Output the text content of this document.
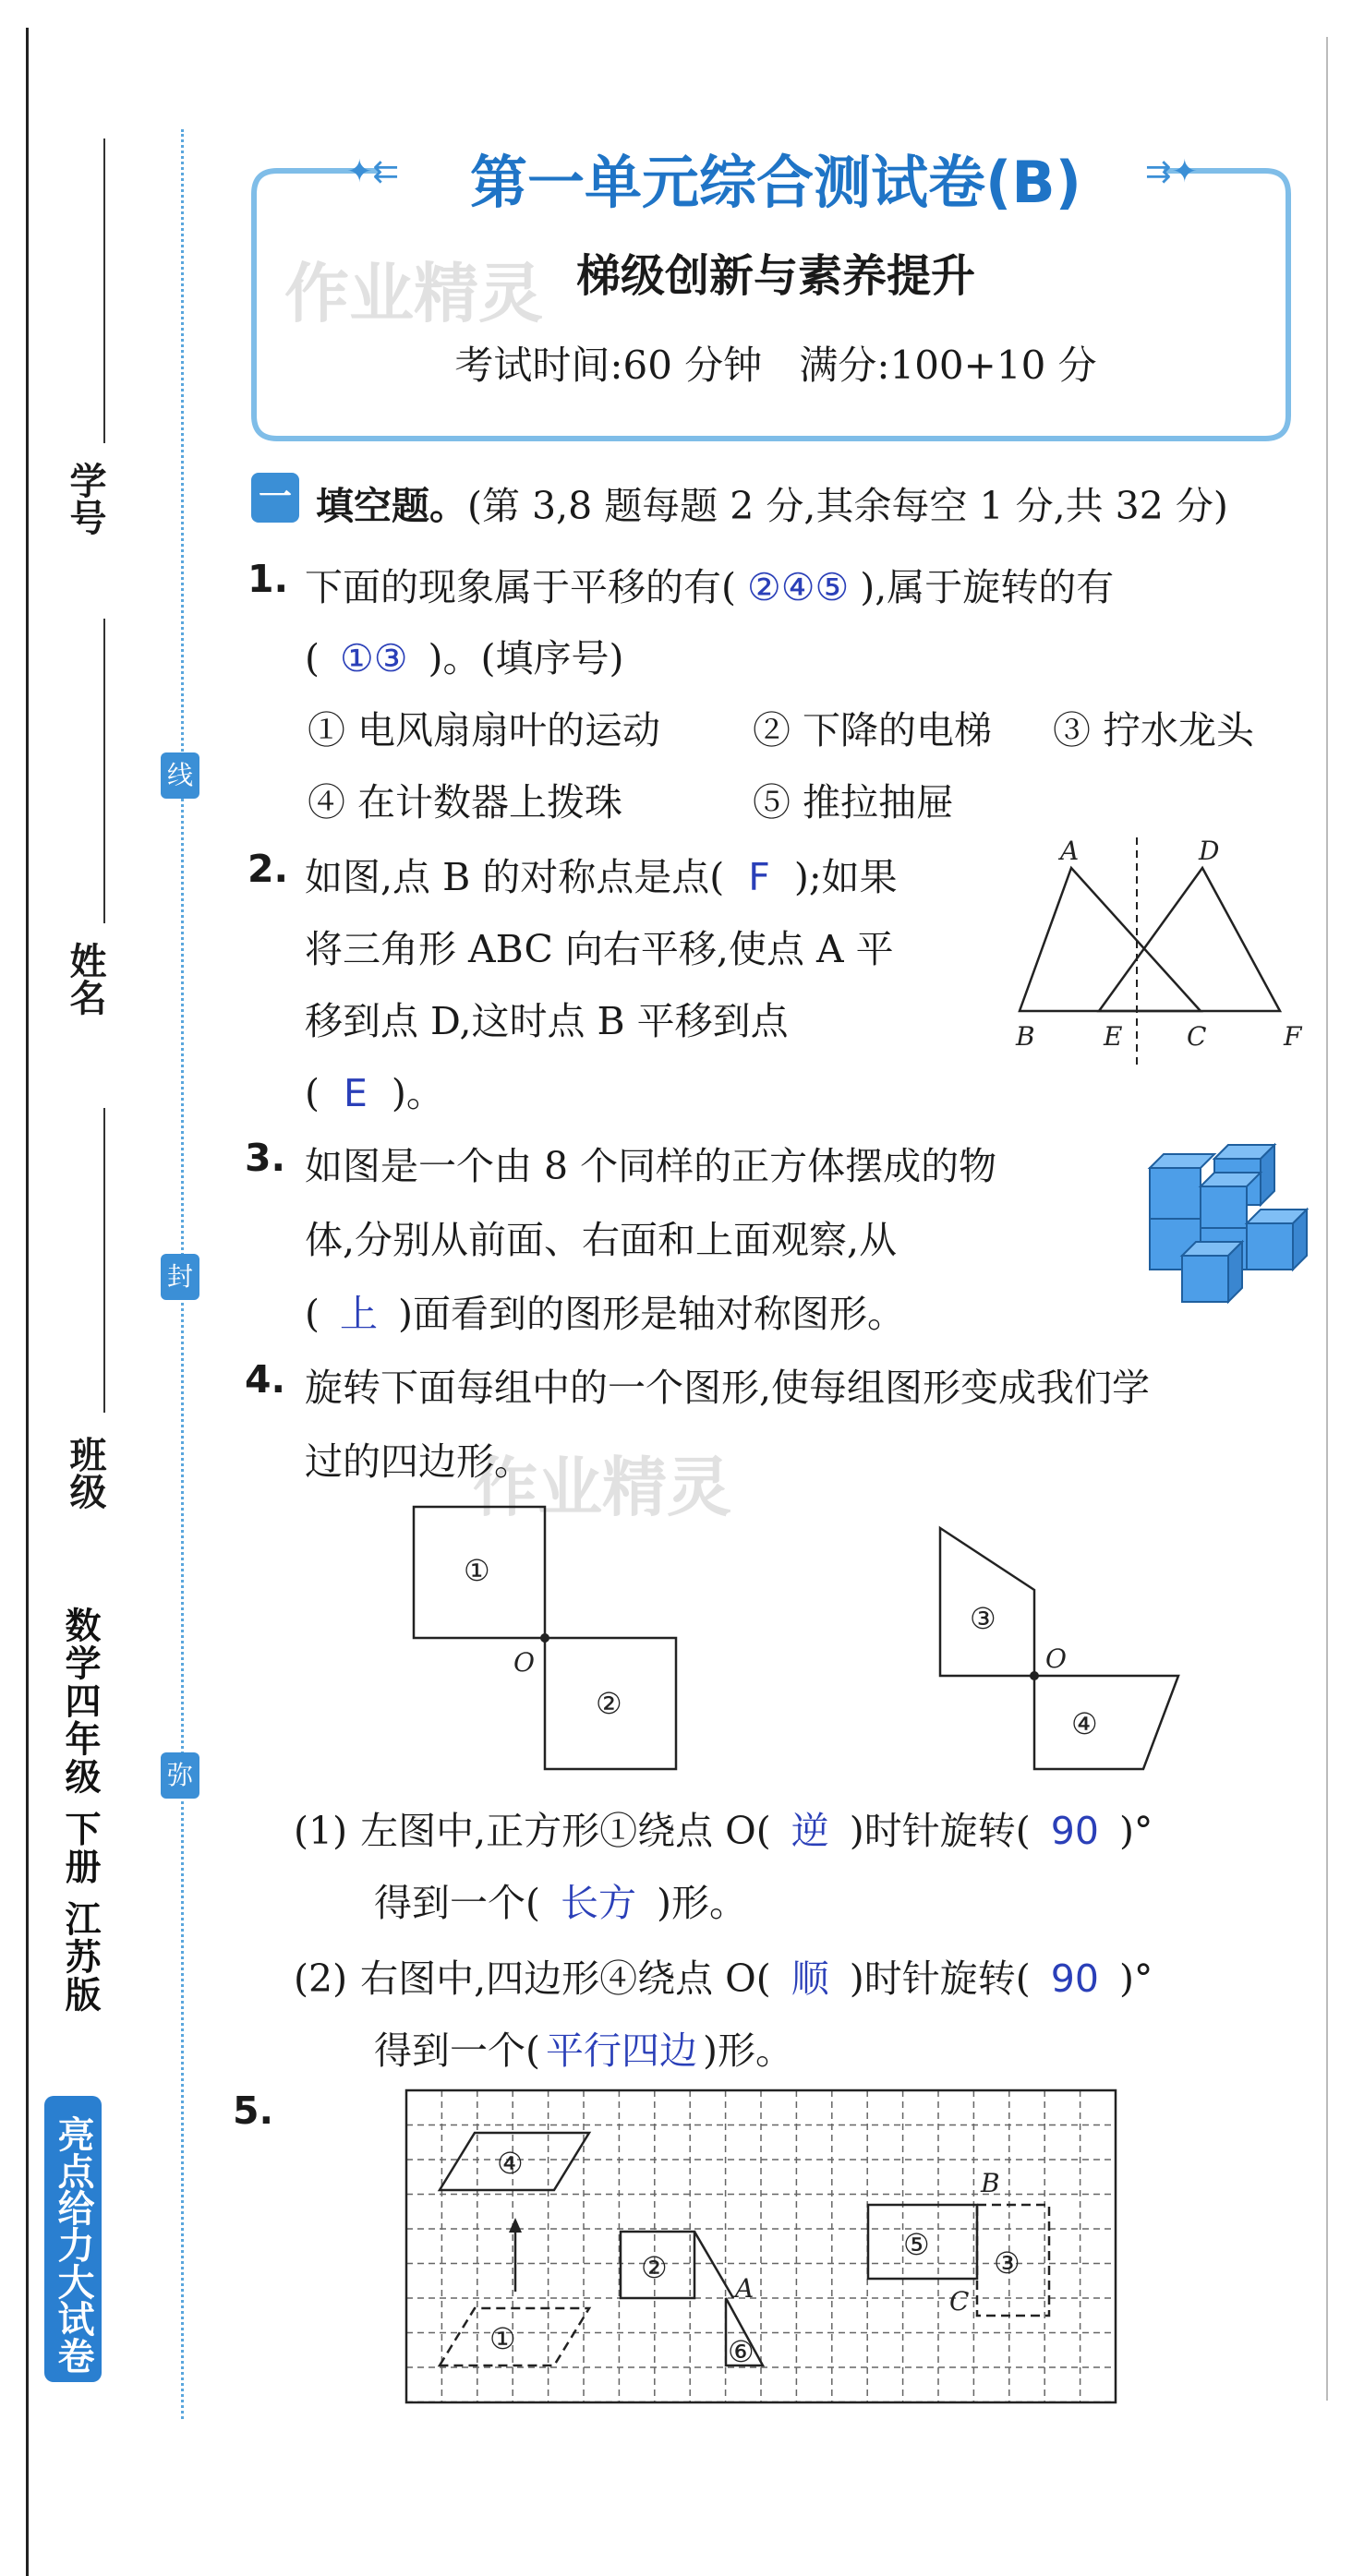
学号
姓名
班级
线
封
弥
数学四年级 下册 江苏版
亮点给力大试卷
✦⇇	⇉✦
第一单元综合测试卷(B)
梯级创新与素养提升
考试时间:60 分钟   满分:100+10 分
作业精灵
作业精灵
一 填空题。(第 3,8 题每题 2 分,其余每空 1 分,共 32 分)
1. 下面的现象属于平移的有( ②④⑤ ),属于旋转的有
( ①③ )。(填序号)
① 电风扇扇叶的运动 ② 下降的电梯 ③ 拧水龙头
④ 在计数器上拨珠	⑤ 推拉抽屉
2. 如图,点 B 的对称点是点( F );如果
将三角形 ABC 向右平移,使点 A 平
移到点 D,这时点 B 平移到点
( E )。
A	D
B	E C	F
3. 如图是一个由 8 个同样的正方体摆成的物
体,分别从前面、右面和上面观察,从
( 上 )面看到的图形是轴对称图形。
4. 旋转下面每组中的一个图形,使每组图形变成我们学
过的四边形。
①
②
③
④
O	O
(1) 左图中,正方形①绕点 O( 逆 )时针旋转( 90 )°
得到一个( 长方 )形。
(2) 右图中,四边形④绕点 O( 顺 )时针旋转( 90 )°
得到一个( 平行四边 )形。
5.
④
①
②
⑤
③
⑥
A
B
C
